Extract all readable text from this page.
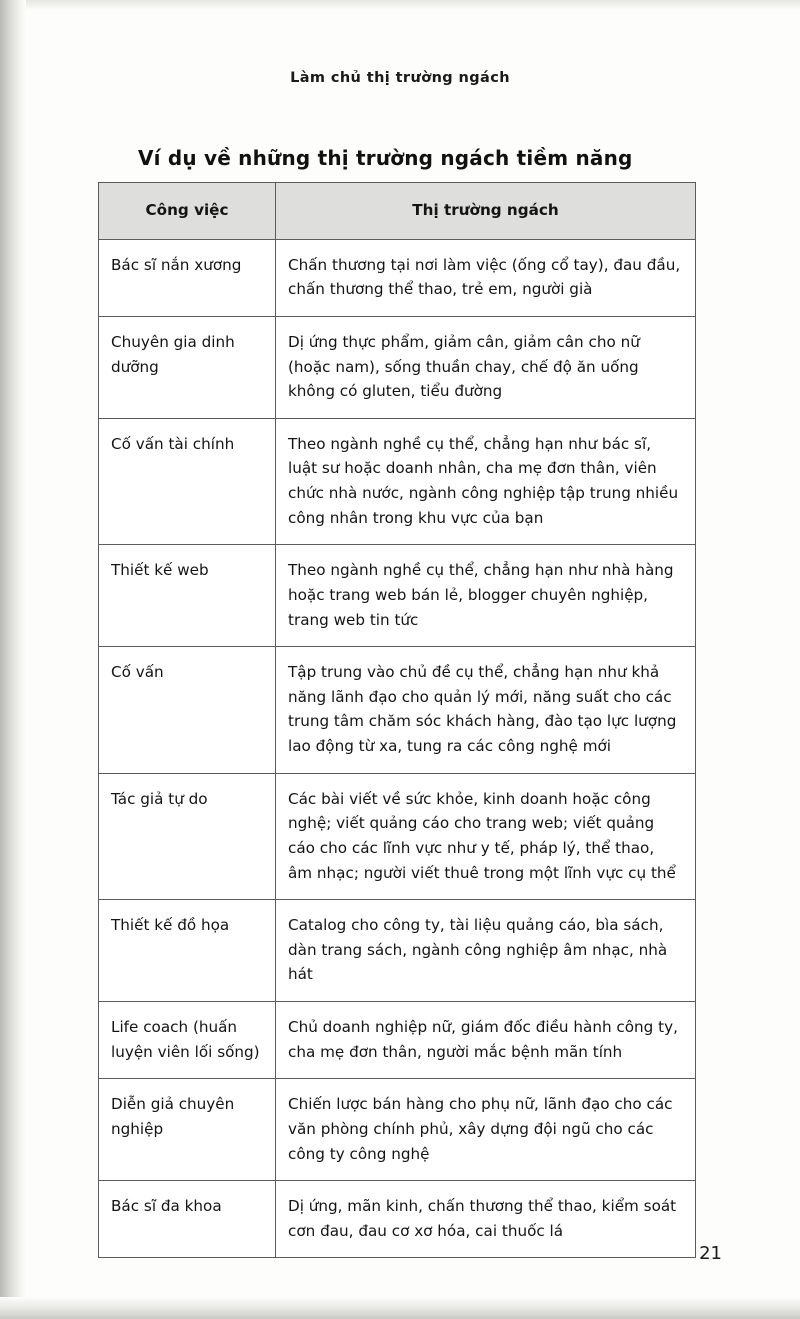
Làm chủ thị trường ngách
Ví dụ về những thị trường ngách tiềm năng
Công việc	Thị trường ngách
Bác sĩ nắn xương	Chấn thương tại nơi làm việc (ống cổ tay), đau đầu, chấn thương thể thao, trẻ em, người già
Chuyên gia dinh dưỡng	Dị ứng thực phẩm, giảm cân, giảm cân cho nữ (hoặc nam), sống thuần chay, chế độ ăn uống không có gluten, tiểu đường
Cố vấn tài chính	Theo ngành nghề cụ thể, chẳng hạn như bác sĩ, luật sư hoặc doanh nhân, cha mẹ đơn thân, viên chức nhà nước, ngành công nghiệp tập trung nhiều công nhân trong khu vực của bạn
Thiết kế web	Theo ngành nghề cụ thể, chẳng hạn như nhà hàng hoặc trang web bán lẻ, blogger chuyên nghiệp, trang web tin tức
Cố vấn	Tập trung vào chủ đề cụ thể, chẳng hạn như khả năng lãnh đạo cho quản lý mới, năng suất cho các trung tâm chăm sóc khách hàng, đào tạo lực lượng lao động từ xa, tung ra các công nghệ mới
Tác giả tự do	Các bài viết về sức khỏe, kinh doanh hoặc công nghệ; viết quảng cáo cho trang web; viết quảng cáo cho các lĩnh vực như y tế, pháp lý, thể thao, âm nhạc; người viết thuê trong một lĩnh vực cụ thể
Thiết kế đồ họa	Catalog cho công ty, tài liệu quảng cáo, bìa sách, dàn trang sách, ngành công nghiệp âm nhạc, nhà hát
Life coach (huấn luyện viên lối sống)	Chủ doanh nghiệp nữ, giám đốc điều hành công ty, cha mẹ đơn thân, người mắc bệnh mãn tính
Diễn giả chuyên nghiệp	Chiến lược bán hàng cho phụ nữ, lãnh đạo cho các văn phòng chính phủ, xây dựng đội ngũ cho các công ty công nghệ
Bác sĩ đa khoa	Dị ứng, mãn kinh, chấn thương thể thao, kiểm soát cơn đau, đau cơ xơ hóa, cai thuốc lá
21
